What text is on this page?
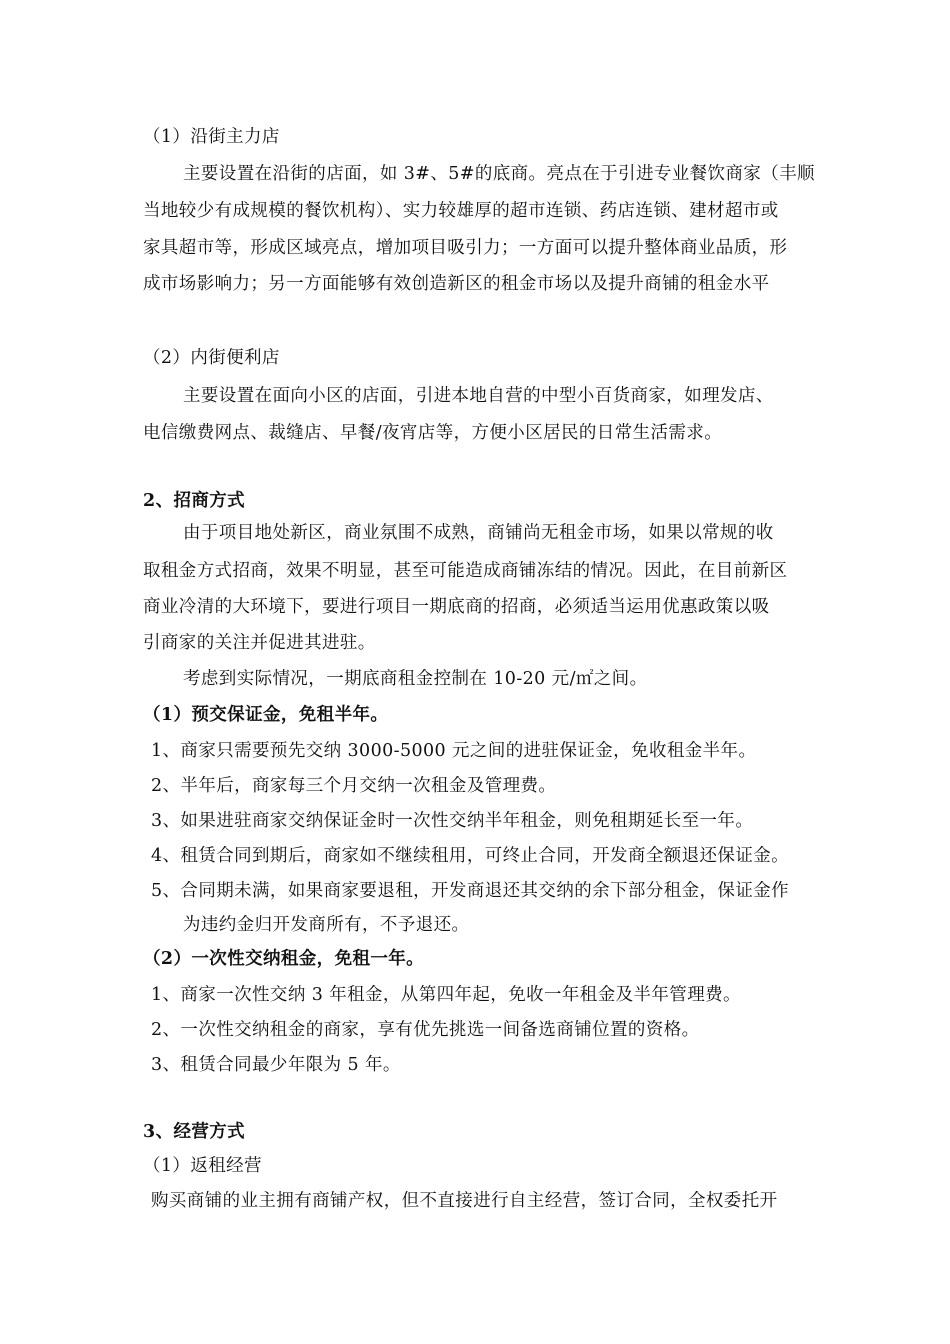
（1）沿街主力店
主要设置在沿街的店面，如 3#、5#的底商。亮点在于引进专业餐饮商家（丰顺
当地较少有成规模的餐饮机构）、实力较雄厚的超市连锁、药店连锁、建材超市或
家具超市等，形成区域亮点，增加项目吸引力；一方面可以提升整体商业品质，形
成市场影响力；另一方面能够有效创造新区的租金市场以及提升商铺的租金水平
（2）内街便利店
主要设置在面向小区的店面，引进本地自营的中型小百货商家，如理发店、
电信缴费网点、裁缝店、早餐/夜宵店等，方便小区居民的日常生活需求。
2、招商方式
由于项目地处新区，商业氛围不成熟，商铺尚无租金市场，如果以常规的收
取租金方式招商，效果不明显，甚至可能造成商铺冻结的情况。因此，在目前新区
商业冷清的大环境下，要进行项目一期底商的招商，必须适当运用优惠政策以吸
引商家的关注并促进其进驻。
考虑到实际情况，一期底商租金控制在 10-20 元/㎡之间。
（1）预交保证金，免租半年。
1、商家只需要预先交纳 3000-5000 元之间的进驻保证金，免收租金半年。
2、半年后，商家每三个月交纳一次租金及管理费。
3、如果进驻商家交纳保证金时一次性交纳半年租金，则免租期延长至一年。
4、租赁合同到期后，商家如不继续租用，可终止合同，开发商全额退还保证金。
5、合同期未满，如果商家要退租，开发商退还其交纳的余下部分租金，保证金作
为违约金归开发商所有，不予退还。
（2）一次性交纳租金，免租一年。
1、商家一次性交纳 3 年租金，从第四年起，免收一年租金及半年管理费。
2、一次性交纳租金的商家，享有优先挑选一间备选商铺位置的资格。
3、租赁合同最少年限为 5 年。
3、经营方式
（1）返租经营
购买商铺的业主拥有商铺产权，但不直接进行自主经营，签订合同，全权委托开
